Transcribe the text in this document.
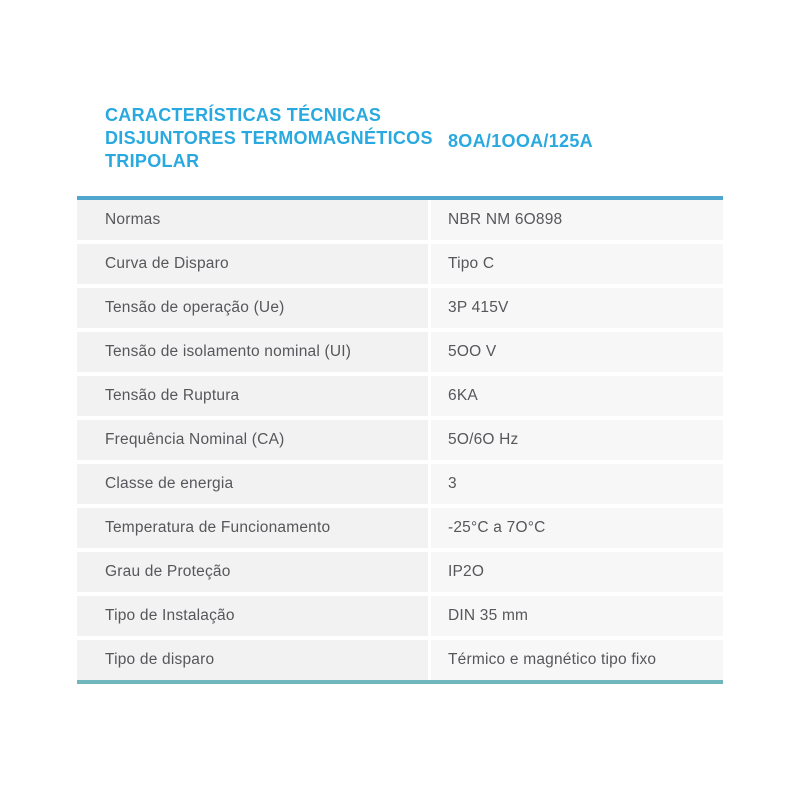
CARACTERÍSTICAS TÉCNICAS
DISJUNTORES TERMOMAGNÉTICOS
TRIPOLAR
8OA/1OOA/125A
Normas	NBR NM 6O898
Curva de Disparo	Tipo C
Tensão de operação (Ue)	3P 415V
Tensão de isolamento nominal (UI)	5OO V
Tensão de Ruptura	6KA
Frequência Nominal (CA)	5O/6O Hz
Classe de energia	3
Temperatura de Funcionamento	-25°C a 7O°C
Grau de Proteção	IP2O
Tipo de Instalação	DIN 35 mm
Tipo de disparo	Térmico e magnético tipo fixo
